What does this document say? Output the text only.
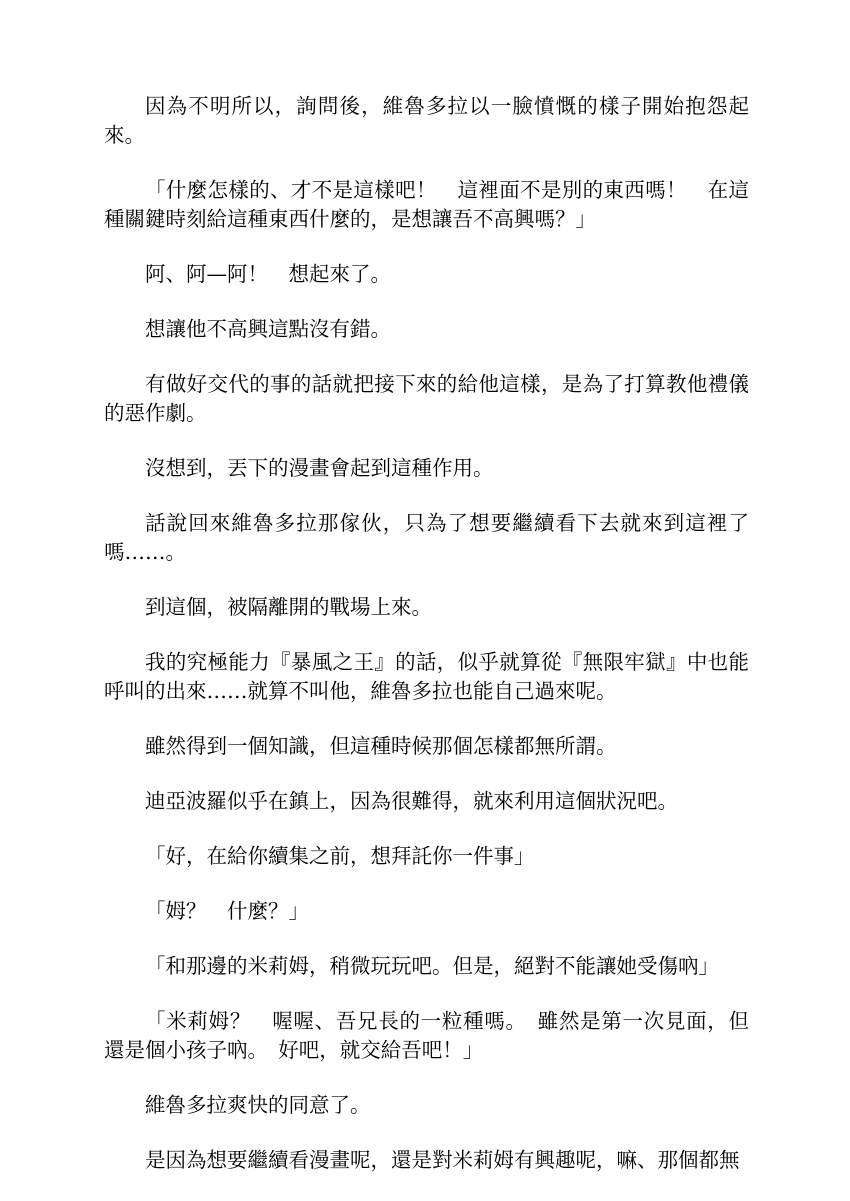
因為不明所以，詢問後，維魯多拉以一臉憤慨的樣子開始抱怨起來。

「什麼怎樣的、才不是這樣吧！　這裡面不是別的東西嗎！　在這種關鍵時刻給這種東西什麼的，是想讓吾不高興嗎？」

阿、阿—阿！　想起來了。

想讓他不高興這點沒有錯。

有做好交代的事的話就把接下來的給他這樣，是為了打算教他禮儀的惡作劇。

沒想到，丟下的漫畫會起到這種作用。

話說回來維魯多拉那傢伙，只為了想要繼續看下去就來到這裡了嗎……。

到這個，被隔離開的戰場上來。

我的究極能力『暴風之王』的話，似乎就算從『無限牢獄』中也能呼叫的出來……就算不叫他，維魯多拉也能自己過來呢。

雖然得到一個知識，但這種時候那個怎樣都無所謂。

迪亞波羅似乎在鎮上，因為很難得，就來利用這個狀況吧。

「好，在給你續集之前，想拜託你一件事」

「姆？　什麼？」

「和那邊的米莉姆，稍微玩玩吧。但是，絕對不能讓她受傷吶」

「米莉姆？　喔喔、吾兄長的一粒種嗎。　雖然是第一次見面，但還是個小孩子吶。　好吧，就交給吾吧！」

維魯多拉爽快的同意了。

是因為想要繼續看漫畫呢，還是對米莉姆有興趣呢，嘛、那個都無
